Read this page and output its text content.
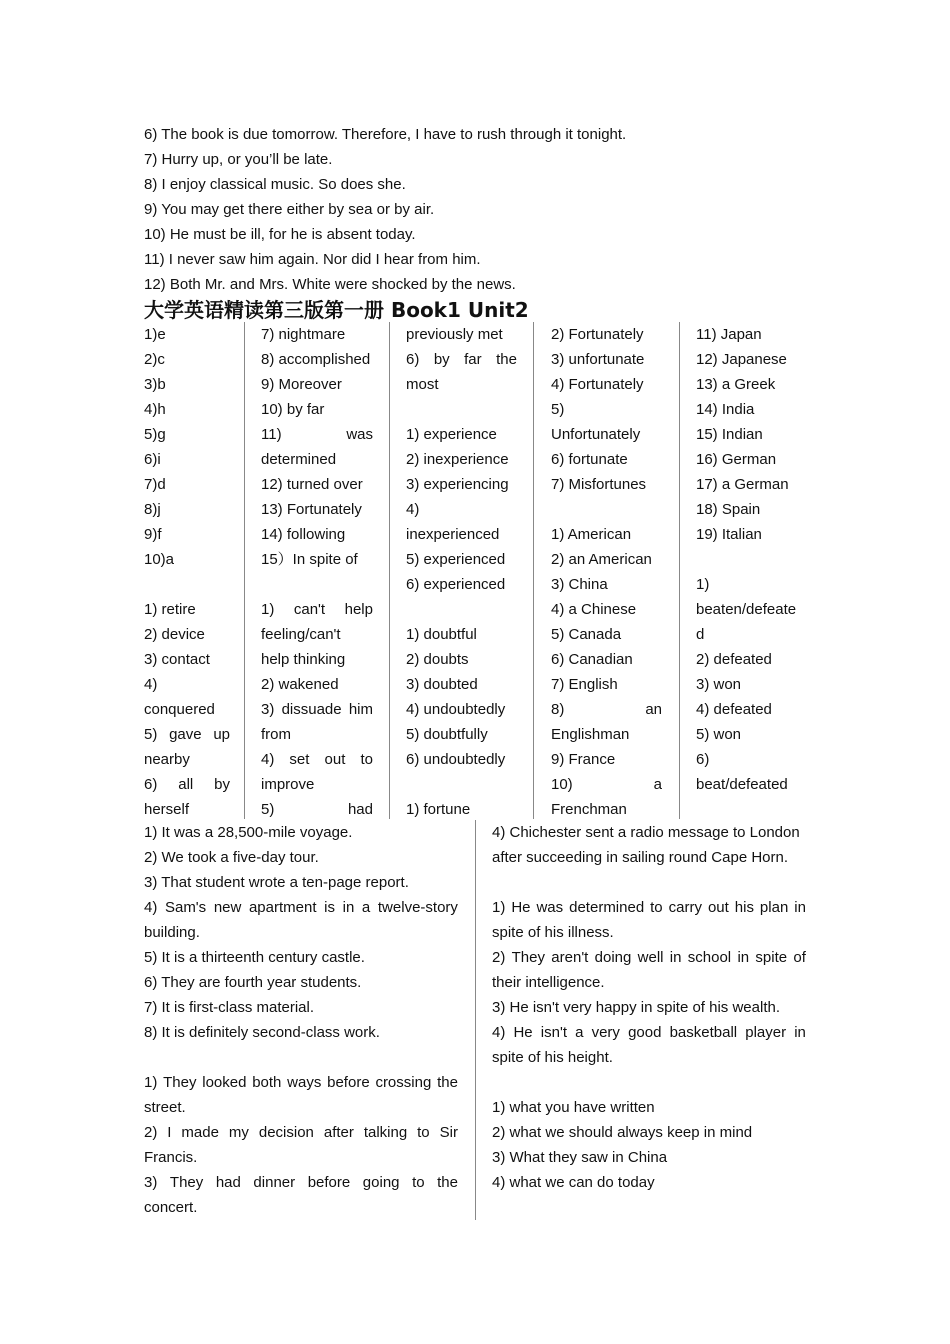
6) The book is due tomorrow. Therefore, I have to rush through it tonight.
7) Hurry up, or you’ll be late.
8) I enjoy classical music. So does she.
9) You may get there either by sea or by air.
10) He must be ill, for he is absent today.
11) I never saw him again. Nor did I hear from him.
12) Both Mr. and Mrs. White were shocked by the news.
大学英语精读第三版第一册 Book1 Unit2
1)e
2)c
3)b
4)h
5)g
6)i
7)d
8)j
9)f
10)a
1) retire
2) device
3) contact
4)
conquered
5) gave up
nearby
6) all by
herself
7) nightmare
8) accomplished
9) Moreover
10) by far
11)	was
determined
12) turned over
13) Fortunately
14) following
15）In spite of
1) can't help
feeling/can't
help thinking
2) wakened
3) dissuade him
from
4) set out to
improve
5)	had
previously met
6) by far the
most
1) experience
2) inexperience
3) experiencing
4)
inexperienced
5) experienced
6) experienced
1) doubtful
2) doubts
3) doubted
4) undoubtedly
5) doubtfully
6) undoubtedly
1) fortune
2) Fortunately
3) unfortunate
4) Fortunately
5)
Unfortunately
6) fortunate
7) Misfortunes
1) American
2) an American
3) China
4) a Chinese
5) Canada
6) Canadian
7) English
8)	an
Englishman
9) France
10)	a
Frenchman
11) Japan
12) Japanese
13) a Greek
14) India
15) Indian
16) German
17) a German
18) Spain
19) Italian
1)
beaten/defeate
d
2) defeated
3) won
4) defeated
5) won
6)
beat/defeated
1) It was a 28,500-mile voyage.
2) We took a five-day tour.
3) That student wrote a ten-page report.
4) Sam's new apartment is in a twelve-story
building.
5) It is a thirteenth century castle.
6) They are fourth year students.
7) It is first-class material.
8) It is definitely second-class work.
1) They looked both ways before crossing the
street.
2) I made my decision after talking to Sir
Francis.
3) They had dinner before going to the
concert.
4) Chichester sent a radio message to London
after succeeding in sailing round Cape Horn.
1) He was determined to carry out his plan in
spite of his illness.
2) They aren't doing well in school in spite of
their intelligence.
3) He isn't very happy in spite of his wealth.
4) He isn't a very good basketball player in
spite of his height.
1) what you have written
2) what we should always keep in mind
3) What they saw in China
4) what we can do today
